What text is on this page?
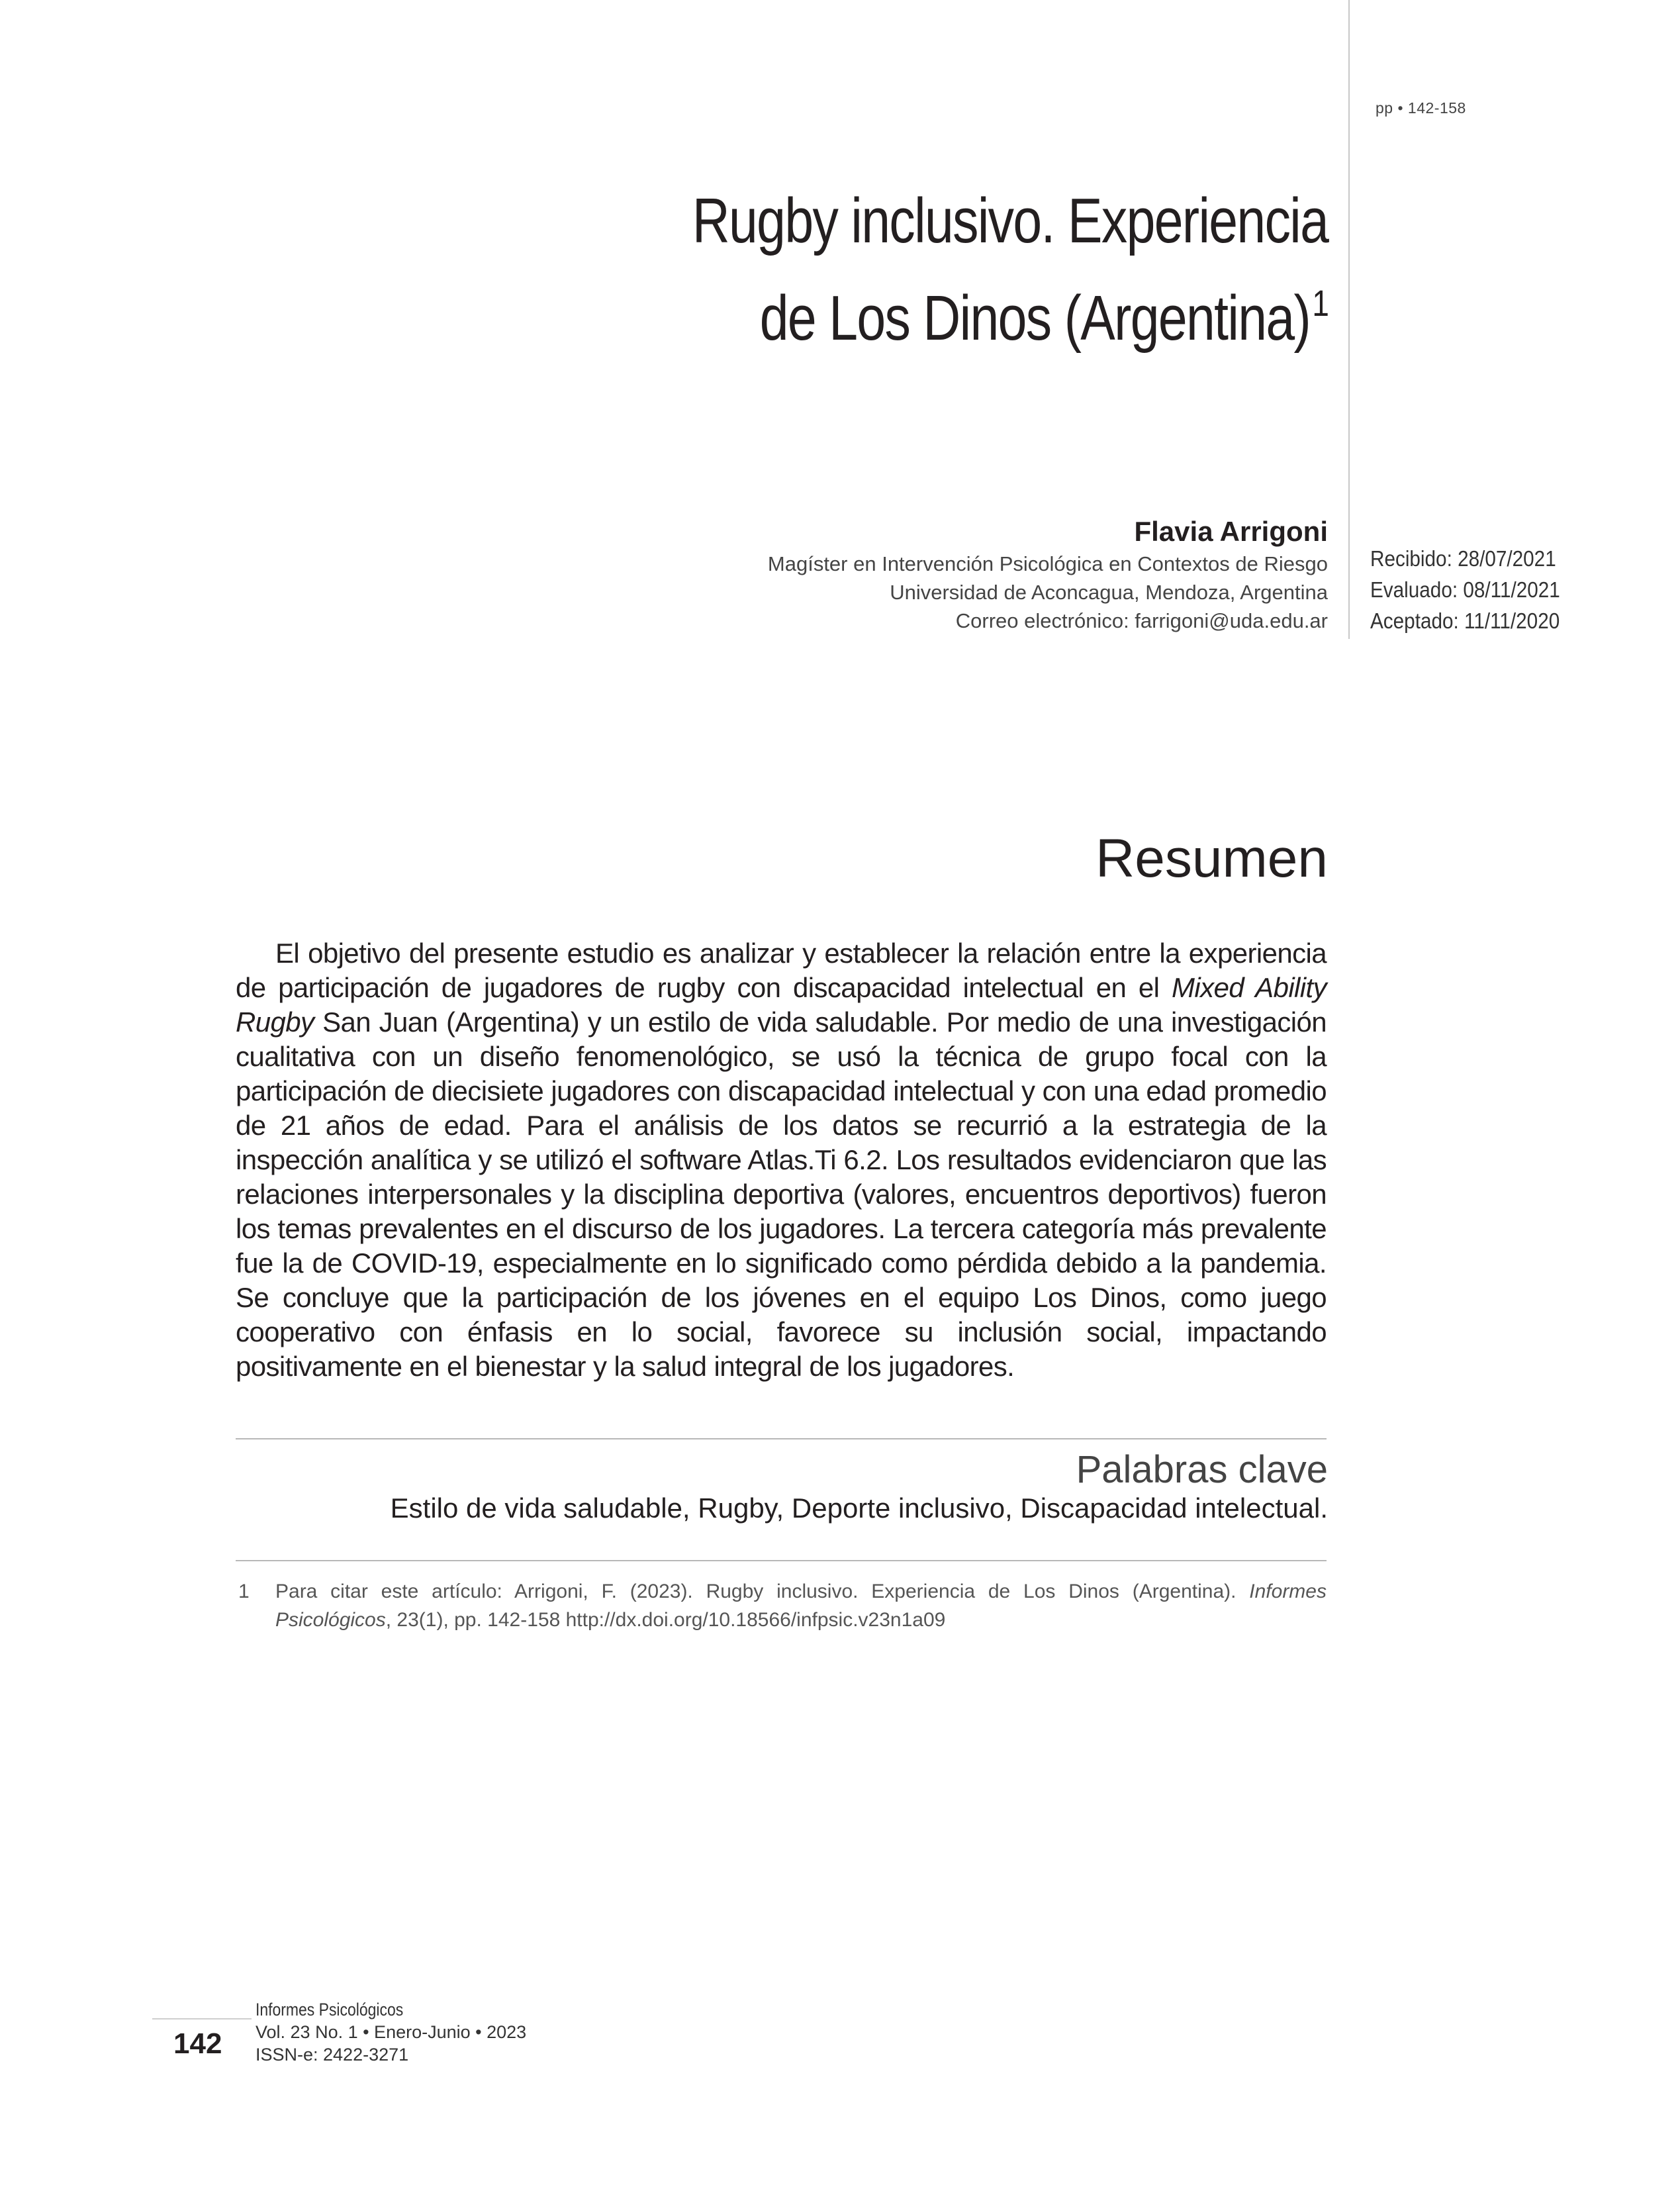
pp • 142-158
Rugby inclusivo. Experiencia
de Los Dinos (Argentina)$^1$
Flavia Arrigoni
Magíster en Intervención Psicológica en Contextos de Riesgo
Universidad de Aconcagua, Mendoza, Argentina
Correo electrónico: farrigoni@uda.edu.ar
Recibido: 28/07/2021
Evaluado: 08/11/2021
Aceptado: 11/11/2020
Resumen

El objetivo del presente estudio es analizar y establecer la relación entre la experiencia de participación de jugadores de rugby con discapacidad intelectual en el Mixed Ability Rugby San Juan (Argentina) y un estilo de vida saludable. Por medio de una investigación cualitativa con un diseño fenomenológico, se usó la técnica de grupo focal con la participación de diecisiete jugadores con discapacidad intelectual y con una edad promedio de 21 años de edad. Para el análisis de los datos se recurrió a la estrategia de la inspección analítica y se utilizó el software Atlas.Ti 6.2. Los resultados evidenciaron que las relaciones interpersonales y la disciplina deportiva (valores, encuentros deportivos) fueron los temas prevalentes en el discurso de los jugadores. La tercera categoría más prevalente fue la de COVID-19, especialmente en lo significado como pérdida debido a la pandemia. Se concluye que la participación de los jóvenes en el equipo Los Dinos, como juego cooperativo con énfasis en lo social, favorece su inclusión social, impactando positivamente en el bienestar y la salud integral de los jugadores.

Palabras clave
Estilo de vida saludable, Rugby, Deporte inclusivo, Discapacidad intelectual.
1 Para citar este artículo: Arrigoni, F. (2023). Rugby inclusivo. Experiencia de Los Dinos (Argentina). Informes Psicológicos, 23(1), pp. 142-158 http://dx.doi.org/10.18566/infpsic.v23n1a09
142
Informes Psicológicos
Vol. 23 No. 1 • Enero-Junio • 2023
ISSN-e: 2422-3271
